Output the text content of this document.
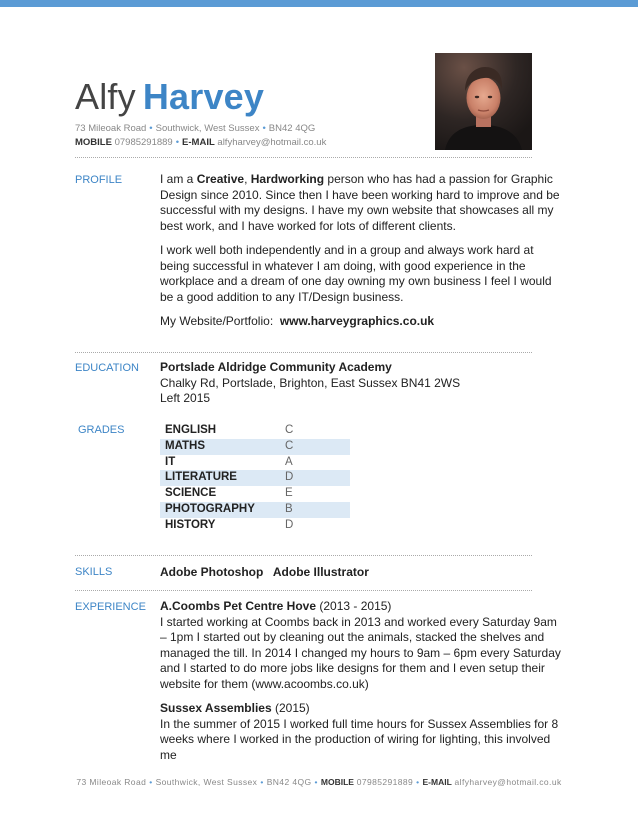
Alfy Harvey
73 Mileoak Road • Southwick, West Sussex • BN42 4QG
MOBILE 07985291889 • E-MAIL alfyharvey@hotmail.co.uk
PROFILE	I am a Creative, Hardworking person who has had a passion for Graphic Design since 2010. Since then I have been working hard to improve and be successful with my designs. I have my own website that showcases all my best work, and I have worked for lots of different clients.

I work well both independently and in a group and always work hard at being successful in whatever I am doing, with good experience in the workplace and a dream of one day owning my own business I feel I would be a good addition to any IT/Design business.

My Website/Portfolio: www.harveygraphics.co.uk

EDUCATION Portslade Aldridge Community Academy

Chalky Rd, Portslade, Brighton, East Sussex BN41 2WS

Left 2015

GRADES	ENGLISH	C
MATHS	C
IT	A
LITERATURE	D
SCIENCE	E
PHOTOGRAPHY	B
HISTORY	D
SKILLS	Adobe Photoshop Adobe Illustrator
EXPERIENCE A.Coombs Pet Centre Hove (2013 - 2015)

I started working at Coombs back in 2013 and worked every Saturday 9am – 1pm I started out by cleaning out the animals, stacked the shelves and managed the till. In 2014 I changed my hours to 9am – 6pm every Saturday and I started to do more jobs like designs for them and I even setup their website for them (www.acoombs.co.uk)

Sussex Assemblies (2015)

In the summer of 2015 I worked full time hours for Sussex Assemblies for 8 weeks where I worked in the production of wiring for lighting, this involved me

73 Mileoak Road • Southwick, West Sussex • BN42 4QG • MOBILE 07985291889 • E-MAIL alfyharvey@hotmail.co.uk
